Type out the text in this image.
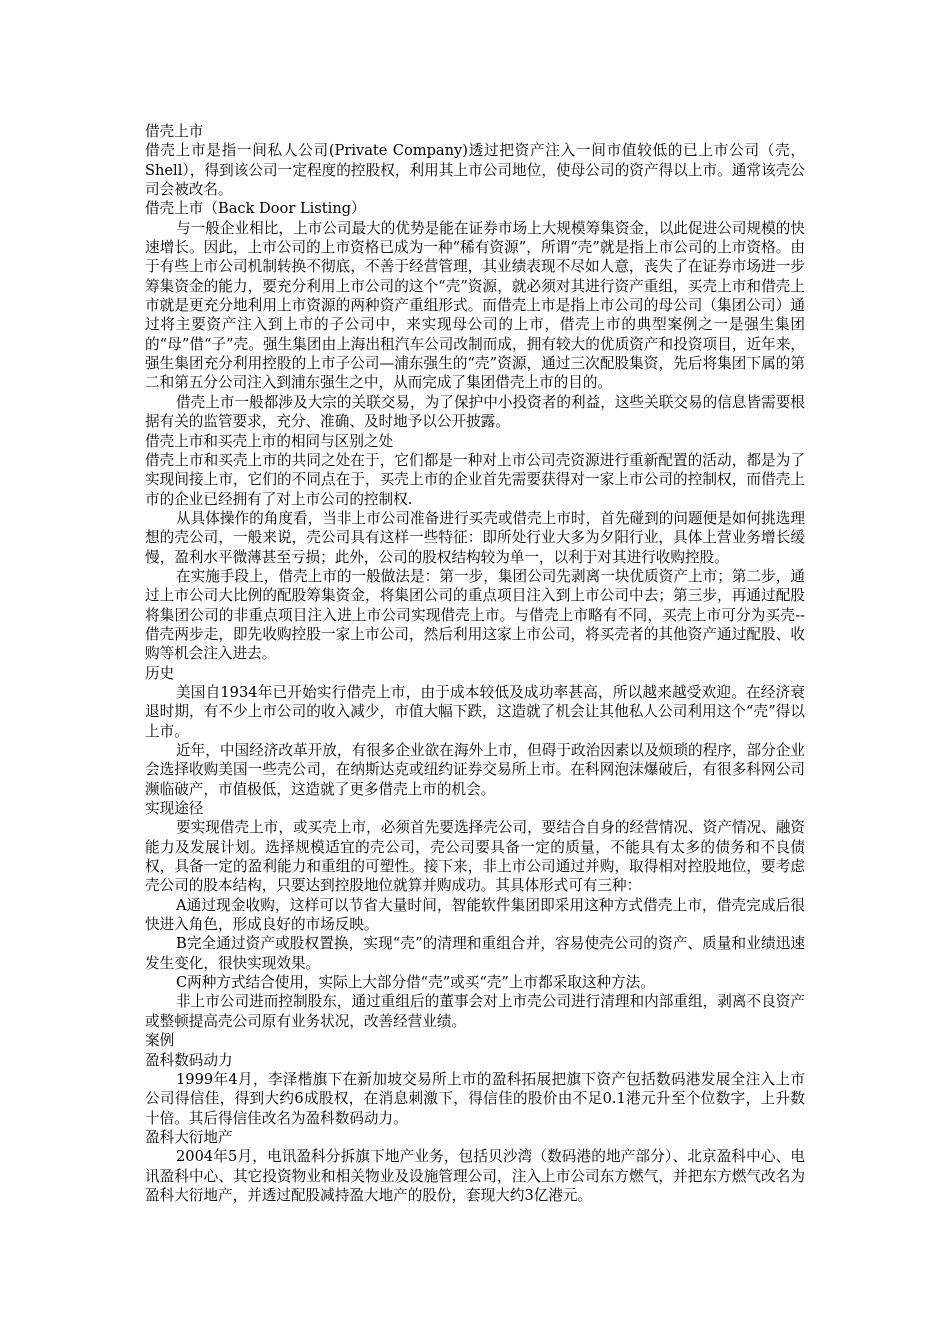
借壳上市

借壳上市是指一间私人公司(Private Company)透过把资产注入一间市值较低的已上市公司（壳，Shell），得到该公司一定程度的控股权，利用其上市公司地位，使母公司的资产得以上市。通常该壳公司会被改名。

借壳上市（Back Door Listing）

与一般企业相比，上市公司最大的优势是能在证券市场上大规模筹集资金，以此促进公司规模的快速增长。因此，上市公司的上市资格已成为一种“稀有资源”，所谓“壳”就是指上市公司的上市资格。由于有些上市公司机制转换不彻底，不善于经营管理，其业绩表现不尽如人意，丧失了在证券市场进一步筹集资金的能力，要充分利用上市公司的这个“壳”资源，就必须对其进行资产重组，买壳上市和借壳上市就是更充分地利用上市资源的两种资产重组形式。而借壳上市是指上市公司的母公司（集团公司）通过将主要资产注入到上市的子公司中，来实现母公司的上市，借壳上市的典型案例之一是强生集团的“母”借“子”壳。强生集团由上海出租汽车公司改制而成，拥有较大的优质资产和投资项目，近年来，强生集团充分利用控股的上市子公司—浦东强生的“壳”资源，通过三次配股集资，先后将集团下属的第二和第五分公司注入到浦东强生之中，从而完成了集团借壳上市的目的。

借壳上市一般都涉及大宗的关联交易，为了保护中小投资者的利益，这些关联交易的信息皆需要根据有关的监管要求，充分、准确、及时地予以公开披露。

借壳上市和买壳上市的相同与区别之处

借壳上市和买壳上市的共同之处在于，它们都是一种对上市公司壳资源进行重新配置的活动，都是为了实现间接上市，它们的不同点在于，买壳上市的企业首先需要获得对一家上市公司的控制权，而借壳上市的企业已经拥有了对上市公司的控制权.

从具体操作的角度看，当非上市公司准备进行买壳或借壳上市时，首先碰到的问题便是如何挑选理想的壳公司，一般来说，壳公司具有这样一些特征：即所处行业大多为夕阳行业，具体上营业务增长缓慢，盈利水平微薄甚至亏损；此外，公司的股权结构较为单一，以利于对其进行收购控股。

在实施手段上，借壳上市的一般做法是：第一步，集团公司先剥离一块优质资产上市；第二步，通过上市公司大比例的配股筹集资金，将集团公司的重点项目注入到上市公司中去；第三步，再通过配股将集团公司的非重点项目注入进上市公司实现借壳上市。与借壳上市略有不同，买壳上市可分为买壳--借壳两步走，即先收购控股一家上市公司，然后利用这家上市公司，将买壳者的其他资产通过配股、收购等机会注入进去。

历史

美国自1934年已开始实行借壳上市，由于成本较低及成功率甚高，所以越来越受欢迎。在经济衰退时期，有不少上市公司的收入减少，市值大幅下跌，这造就了机会让其他私人公司利用这个“壳”得以上市。

近年，中国经济改革开放，有很多企业欲在海外上市，但碍于政治因素以及烦琐的程序，部分企业会选择收购美国一些壳公司，在纳斯达克或纽约证券交易所上市。在科网泡沫爆破后，有很多科网公司濒临破产，市值极低，这造就了更多借壳上市的机会。

实现途径

要实现借壳上市，或买壳上市，必须首先要选择壳公司，要结合自身的经营情况、资产情况、融资能力及发展计划。选择规模适宜的壳公司，壳公司要具备一定的质量，不能具有太多的债务和不良债权，具备一定的盈利能力和重组的可塑性。接下来，非上市公司通过并购，取得相对控股地位，要考虑壳公司的股本结构，只要达到控股地位就算并购成功。其具体形式可有三种：

A通过现金收购，这样可以节省大量时间，智能软件集团即采用这种方式借壳上市，借壳完成后很快进入角色，形成良好的市场反映。

B完全通过资产或股权置换，实现“壳”的清理和重组合并，容易使壳公司的资产、质量和业绩迅速发生变化，很快实现效果。

C两种方式结合使用，实际上大部分借“壳”或买“壳”上市都采取这种方法。

非上市公司进而控制股东，通过重组后的董事会对上市壳公司进行清理和内部重组，剥离不良资产或整顿提高壳公司原有业务状况，改善经营业绩。

案例

盈科数码动力

1999年4月，李泽楷旗下在新加坡交易所上市的盈科拓展把旗下资产包括数码港发展全注入上市公司得信佳，得到大约6成股权，在消息刺激下，得信佳的股价由不足0.1港元升至个位数字，上升数十倍。其后得信佳改名为盈科数码动力。

盈科大衍地产

2004年5月，电讯盈科分拆旗下地产业务，包括贝沙湾（数码港的地产部分）、北京盈科中心、电讯盈科中心、其它投资物业和相关物业及设施管理公司，注入上市公司东方燃气，并把东方燃气改名为盈科大衍地产，并透过配股减持盈大地产的股份，套现大约3亿港元。
